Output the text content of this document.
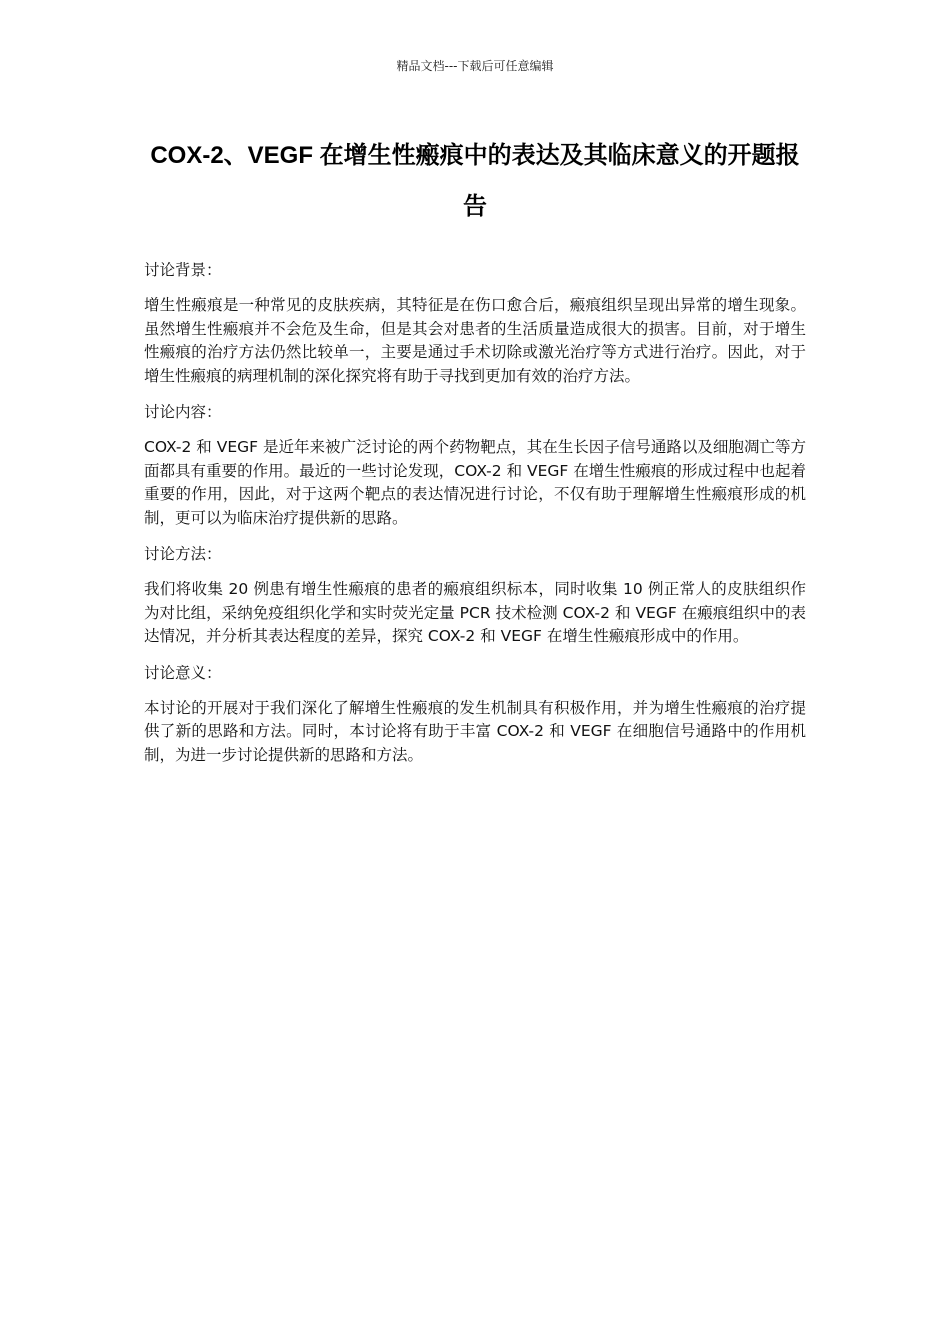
精品文档---下载后可任意编辑
COX-2、VEGF 在增生性瘢痕中的表达及其临床意义的开题报告
讨论背景：

增生性瘢痕是一种常见的皮肤疾病，其特征是在伤口愈合后，瘢痕组织呈现出异常的增生现象。虽然增生性瘢痕并不会危及生命，但是其会对患者的生活质量造成很大的损害。目前，对于增生性瘢痕的治疗方法仍然比较单一，主要是通过手术切除或激光治疗等方式进行治疗。因此，对于增生性瘢痕的病理机制的深化探究将有助于寻找到更加有效的治疗方法。

讨论内容：

COX-2 和 VEGF 是近年来被广泛讨论的两个药物靶点，其在生长因子信号通路以及细胞凋亡等方面都具有重要的作用。最近的一些讨论发现，COX-2 和 VEGF 在增生性瘢痕的形成过程中也起着重要的作用，因此，对于这两个靶点的表达情况进行讨论，不仅有助于理解增生性瘢痕形成的机制，更可以为临床治疗提供新的思路。

讨论方法：

我们将收集 20 例患有增生性瘢痕的患者的瘢痕组织标本，同时收集 10 例正常人的皮肤组织作为对比组，采纳免疫组织化学和实时荧光定量 PCR 技术检测 COX-2 和 VEGF 在瘢痕组织中的表达情况，并分析其表达程度的差异，探究 COX-2 和 VEGF 在增生性瘢痕形成中的作用。

讨论意义：

本讨论的开展对于我们深化了解增生性瘢痕的发生机制具有积极作用，并为增生性瘢痕的治疗提供了新的思路和方法。同时，本讨论将有助于丰富 COX-2 和 VEGF 在细胞信号通路中的作用机制，为进一步讨论提供新的思路和方法。
